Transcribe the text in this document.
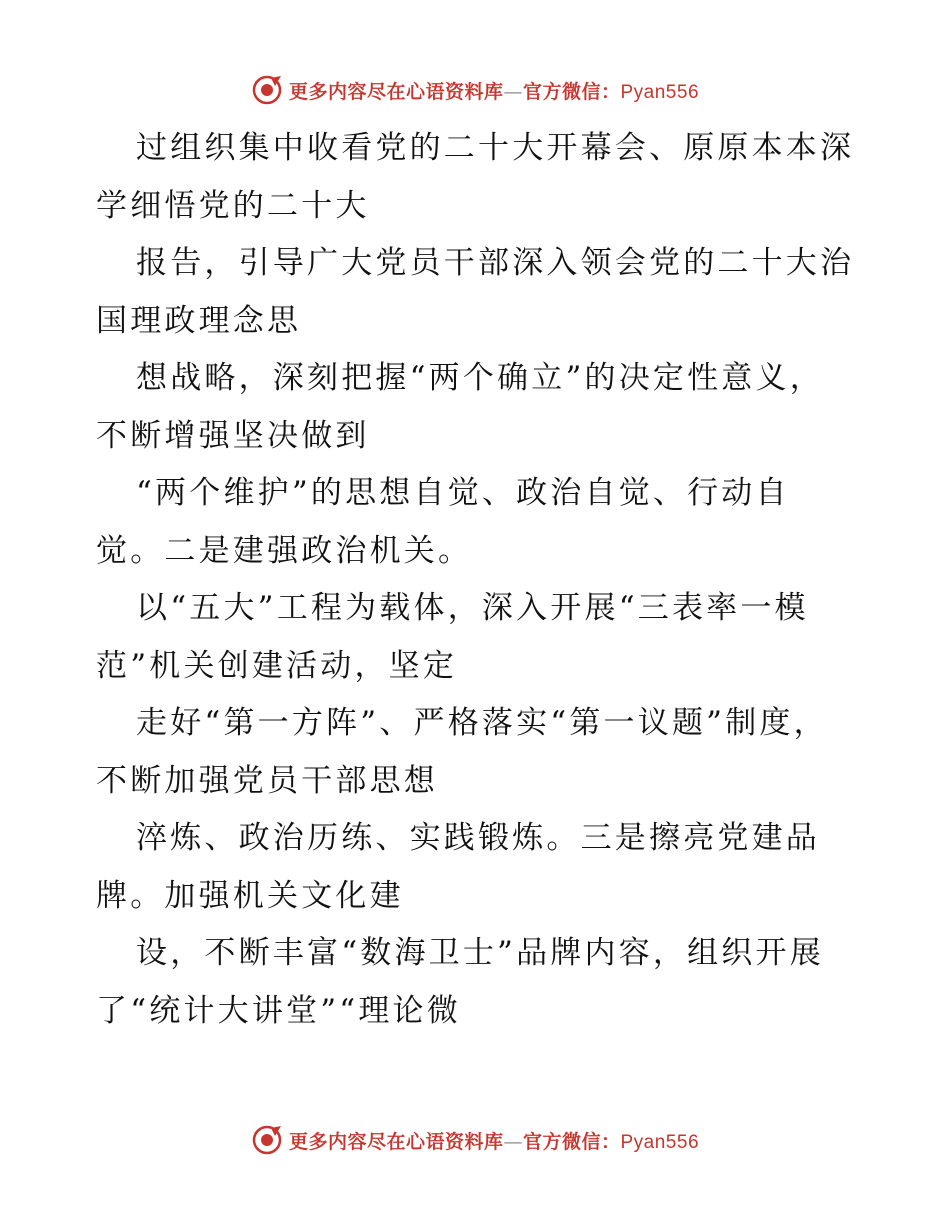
更多内容尽在心语资料库—官方微信：Pyan556

过组织集中收看党的二十大开幕会、原原本本深学细悟党的二十大

报告，引导广大党员干部深入领会党的二十大治国理政理念思

想战略，深刻把握“两个确立”的决定性意义，不断增强坚决做到

“两个维护”的思想自觉、政治自觉、行动自觉。二是建强政治机关。

以“五大”工程为载体，深入开展“三表率一模范”机关创建活动，坚定

走好“第一方阵”、严格落实“第一议题”制度，不断加强党员干部思想

淬炼、政治历练、实践锻炼。三是擦亮党建品牌。加强机关文化建

设，不断丰富“数海卫士”品牌内容，组织开展了“统计大讲堂”“理论微

更多内容尽在心语资料库—官方微信：Pyan556
